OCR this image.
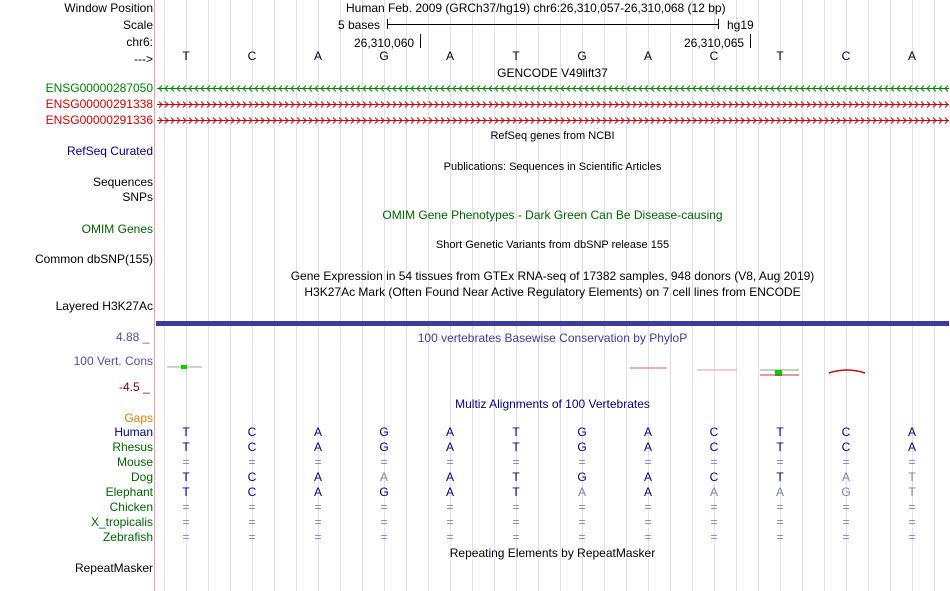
Window Position	Human Feb. 2009 (GRCh37/hg19) chr6:26,310,057-26,310,068 (12 bp)
Scale	5 bases	hg19
chr6:	26,310,060	26,310,065
--->	T	C	A	G	A	T	G	A	C	T	C	A
GENCODE V49lift37
ENSG00000287050
ENSG00000291338
ENSG00000291336
RefSeq genes from NCBI
RefSeq Curated
Publications: Sequences in Scientific Articles
Sequences
SNPs
OMIM Gene Phenotypes - Dark Green Can Be Disease-causing
OMIM Genes
Short Genetic Variants from dbSNP release 155
Common dbSNP(155)
Gene Expression in 54 tissues from GTEx RNA-seq of 17382 samples, 948 donors (V8, Aug 2019)
H3K27Ac Mark (Often Found Near Active Regulatory Elements) on 7 cell lines from ENCODE
Layered H3K27Ac
100 vertebrates Basewise Conservation by PhyloP
4.88 _
100 Vert. Cons
-4.5 _
Multiz Alignments of 100 Vertebrates
Gaps
Human	T	C	A	G	A	T	G	A	C	T	C	A
Rhesus	T	C	A	G	A	T	G	A	C	T	C	A
Mouse	=	=	=	=	=	=	=	=	=	=	=	=
Dog	T	C	A	A	A	T	G	A	C	T	A	T
Elephant	T	C	A	G	A	T	A	A	A	A	G	T
Chicken	=	=	=	=	=	=	=	=	=	=	=	=
X_tropicalis	=	=	=	=	=	=	=	=	=	=	=	=
Zebrafish	=	=	=	=	=	=	=	=	=	=	=	=
Repeating Elements by RepeatMasker
RepeatMasker
